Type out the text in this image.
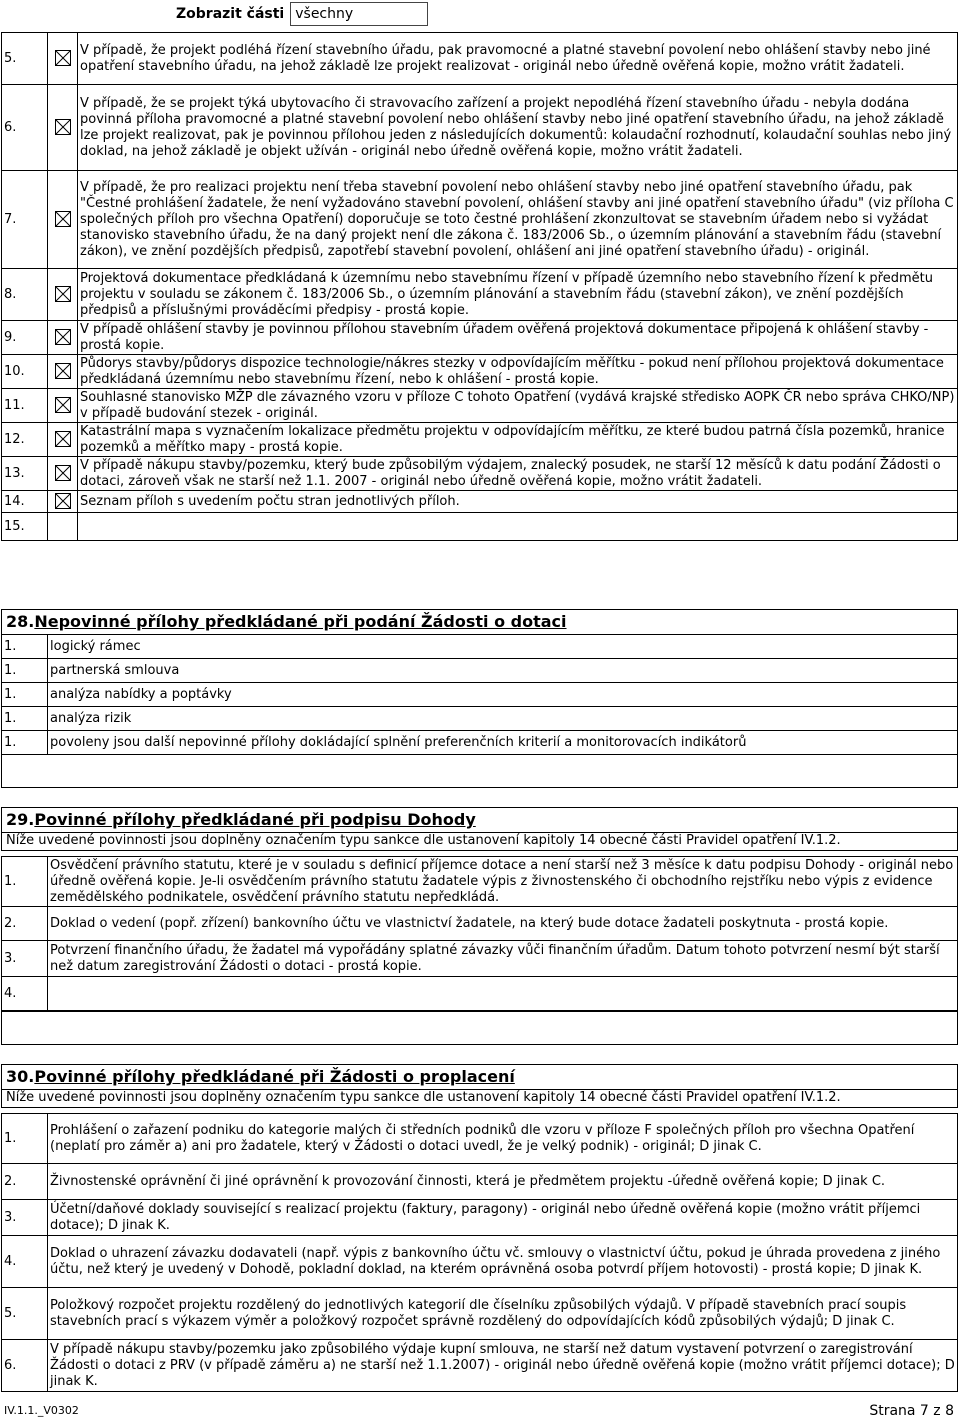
Zobrazit části všechny
5.		V případě, že projekt podléhá řízení stavebního úřadu, pak pravomocné a platné stavební povolení nebo ohlášení stavby nebo jiné opatření stavebního úřadu, na jehož základě lze projekt realizovat - originál nebo úředně ověřená kopie, možno vrátit žadateli.
6.		V případě, že se projekt týká ubytovacího či stravovacího zařízení a projekt nepodléhá řízení stavebního úřadu - nebyla dodána povinná příloha pravomocné a platné stavební povolení nebo ohlášení stavby nebo jiné opatření stavebního úřadu, na jehož základě lze projekt realizovat, pak je povinnou přílohou jeden z následujících dokumentů: kolaudační rozhodnutí, kolaudační souhlas nebo jiný doklad, na jehož základě je objekt užíván - originál nebo úředně ověřená kopie, možno vrátit žadateli.
7.		V případě, že pro realizaci projektu není třeba stavební povolení nebo ohlášení stavby nebo jiné opatření stavebního úřadu, pak "Čestné prohlášení žadatele, že není vyžadováno stavební povolení, ohlášení stavby ani jiné opatření stavebního úřadu" (viz příloha C společných příloh pro všechna Opatření) doporučuje se toto čestné prohlášení zkonzultovat se stavebním úřadem nebo si vyžádat stanovisko stavebního úřadu, že na daný projekt není dle zákona č. 183/2006 Sb., o územním plánování a stavebním řádu (stavební zákon), ve znění pozdějších předpisů, zapotřebí stavební povolení, ohlášení ani jiné opatření stavebního úřadu) - originál.
8.		Projektová dokumentace předkládaná k územnímu nebo stavebnímu řízení v případě územního nebo stavebního řízení k předmětu projektu v souladu se zákonem č. 183/2006 Sb., o územním plánování a stavebním řádu (stavební zákon), ve znění pozdějších předpisů a příslušnými prováděcími předpisy - prostá kopie.
9.		V případě ohlášení stavby je povinnou přílohou stavebním úřadem ověřená projektová dokumentace připojená k ohlášení stavby - prostá kopie.
10.		Půdorys stavby/půdorys dispozice technologie/nákres stezky v odpovídajícím měřítku - pokud není přílohou projektová dokumentace předkládaná územnímu nebo stavebnímu řízení, nebo k ohlášení - prostá kopie.
11.		Souhlasné stanovisko MŽP dle závazného vzoru v příloze C tohoto Opatření (vydává krajské středisko AOPK ČR nebo správa CHKO/NP) v případě budování stezek - originál.
12.		Katastrální mapa s vyznačením lokalizace předmětu projektu v odpovídajícím měřítku, ze které budou patrná čísla pozemků, hranice pozemků a měřítko mapy - prostá kopie.
13.		V případě nákupu stavby/pozemku, který bude způsobilým výdajem, znalecký posudek, ne starší 12 měsíců k datu podání Žádosti o dotaci, zároveň však ne starší než 1.1. 2007 - originál nebo úředně ověřená kopie, možno vrátit žadateli.
14.		Seznam příloh s uvedením počtu stran jednotlivých příloh.
15.		
28.Nepovinné přílohy předkládané při podání Žádosti o dotaci
1.	logický rámec
1.	partnerská smlouva
1.	analýza nabídky a poptávky
1.	analýza rizik
1.	povoleny jsou další nepovinné přílohy dokládající splnění preferenčních kriterií a monitorovacích indikátorů
29.Povinné přílohy předkládané při podpisu Dohody
Níže uvedené povinnosti jsou doplněny označením typu sankce dle ustanovení kapitoly 14 obecné části Pravidel opatření IV.1.2.
1.	Osvědčení právního statutu, které je v souladu s definicí příjemce dotace a není starší než 3 měsíce k datu podpisu Dohody - originál nebo úředně ověřená kopie. Je-li osvědčením právního statutu žadatele výpis z živnostenského či obchodního rejstříku nebo výpis z evidence zemědělského podnikatele, osvědčení právního statutu nepředkládá.
2.	Doklad o vedení (popř. zřízení) bankovního účtu ve vlastnictví žadatele, na který bude dotace žadateli poskytnuta - prostá kopie.
3.	Potvrzení finančního úřadu, že žadatel má vypořádány splatné závazky vůči finančním úřadům. Datum tohoto potvrzení nesmí být starší než datum zaregistrování Žádosti o dotaci - prostá kopie.
4.	
30.Povinné přílohy předkládané při Žádosti o proplacení
Níže uvedené povinnosti jsou doplněny označením typu sankce dle ustanovení kapitoly 14 obecné části Pravidel opatření IV.1.2.
1.	Prohlášení o zařazení podniku do kategorie malých či středních podniků dle vzoru v příloze F společných příloh pro všechna Opatření (neplatí pro záměr a) ani pro žadatele, který v Žádosti o dotaci uvedl, že je velký podnik) - originál; D jinak C.
2.	Živnostenské oprávnění či jiné oprávnění k provozování činnosti, která je předmětem projektu -úředně ověřená kopie; D jinak C.
3.	Účetní/daňové doklady související s realizací projektu (faktury, paragony) - originál nebo úředně ověřená kopie (možno vrátit příjemci dotace); D jinak K.
4.	Doklad o uhrazení závazku dodavateli (např. výpis z bankovního účtu vč. smlouvy o vlastnictví účtu, pokud je úhrada provedena z jiného účtu, než který je uvedený v Dohodě, pokladní doklad, na kterém oprávněná osoba potvrdí příjem hotovosti) - prostá kopie; D jinak K.
5.	Položkový rozpočet projektu rozdělený do jednotlivých kategorií dle číselníku způsobilých výdajů. V případě stavebních prací soupis stavebních prací s výkazem výměr a položkový rozpočet správně rozdělený do odpovídajících kódů způsobilých výdajů; D jinak C.
6.	V případě nákupu stavby/pozemku jako způsobilého výdaje kupní smlouva, ne starší než datum vystavení potvrzení o zaregistrování Žádosti o dotaci z PRV (v případě záměru a) ne starší než 1.1.2007) - originál nebo úředně ověřená kopie (možno vrátit příjemci dotace); D jinak K.
IV.1.1._V0302	Strana 7 z 8
